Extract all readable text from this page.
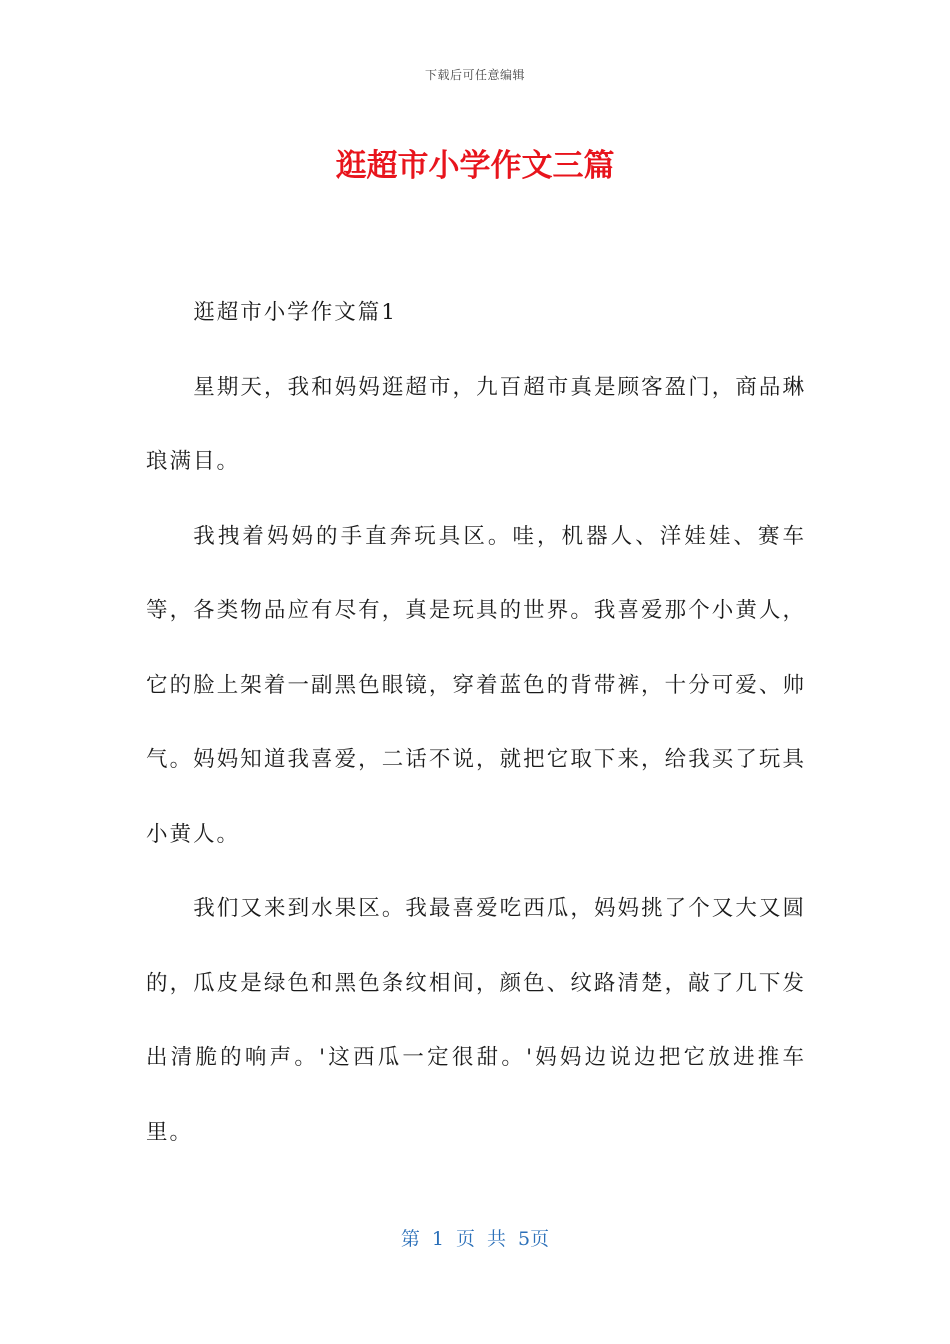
下载后可任意编辑
逛超市小学作文三篇

逛超市小学作文篇1

星期天，我和妈妈逛超市，九百超市真是顾客盈门，商品琳琅满目。

我拽着妈妈的手直奔玩具区。哇，机器人、洋娃娃、赛车等，各类物品应有尽有，真是玩具的世界。我喜爱那个小黄人，它的脸上架着一副黑色眼镜，穿着蓝色的背带裤，十分可爱、帅气。妈妈知道我喜爱，二话不说，就把它取下来，给我买了玩具小黄人。

我们又来到水果区。我最喜爱吃西瓜，妈妈挑了个又大又圆的，瓜皮是绿色和黑色条纹相间，颜色、纹路清楚，敲了几下发出清脆的响声。'这西瓜一定很甜。'妈妈边说边把它放进推车里。

第 1 页 共 5页
